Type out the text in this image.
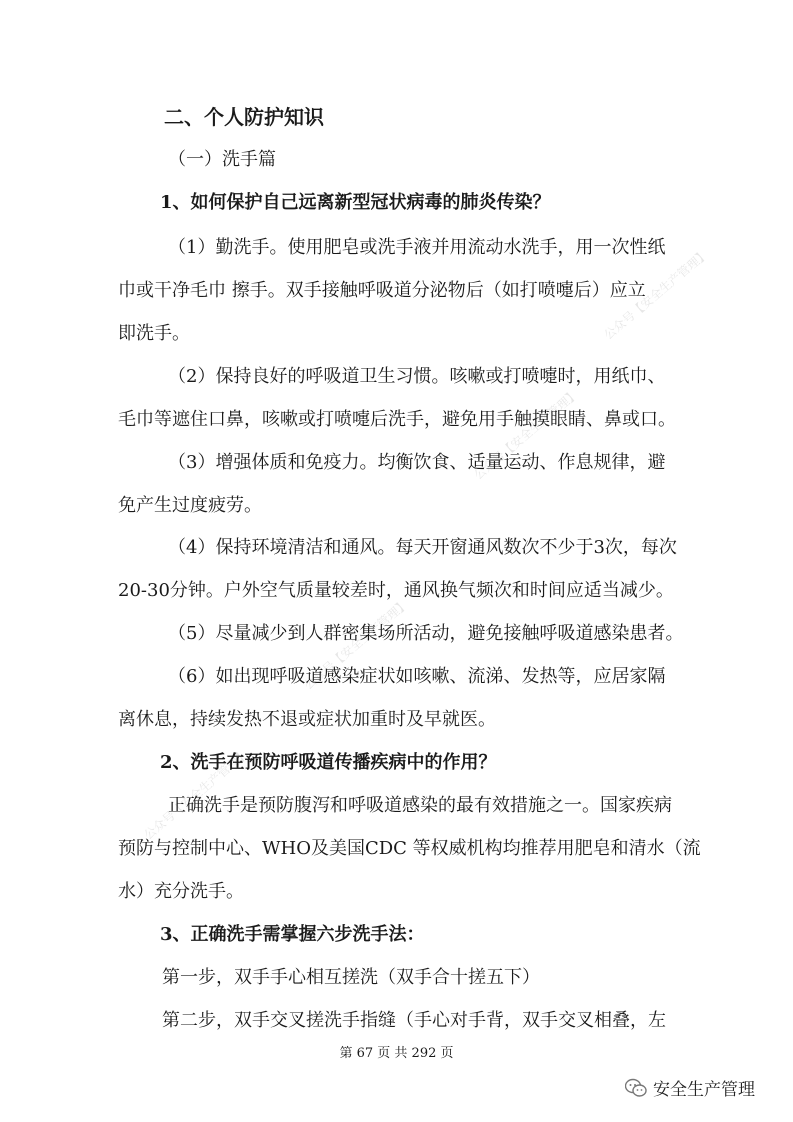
公众号【安全生产管理】
公众号【安全生产管理】
公众号【安全生产管理】
公众号【安全生产管理】
二、个人防护知识
（一）洗手篇
1、如何保护自己远离新型冠状病毒的肺炎传染？
（1）勤洗手。使用肥皂或洗手液并用流动水洗手，用一次性纸
巾或干净毛巾 擦手。双手接触呼吸道分泌物后（如打喷嚏后）应立
即洗手。
（2）保持良好的呼吸道卫生习惯。咳嗽或打喷嚏时，用纸巾、
毛巾等遮住口鼻，咳嗽或打喷嚏后洗手，避免用手触摸眼睛、鼻或口。
（3）增强体质和免疫力。均衡饮食、适量运动、作息规律，避
免产生过度疲劳。
（4）保持环境清洁和通风。每天开窗通风数次不少于3次，每次
20-30分钟。户外空气质量较差时，通风换气频次和时间应适当减少。
（5）尽量减少到人群密集场所活动，避免接触呼吸道感染患者。
（6）如出现呼吸道感染症状如咳嗽、流涕、发热等，应居家隔
离休息，持续发热不退或症状加重时及早就医。
2、洗手在预防呼吸道传播疾病中的作用？
正确洗手是预防腹泻和呼吸道感染的最有效措施之一。国家疾病
预防与控制中心、WHO及美国CDC 等权威机构均推荐用肥皂和清水（流
水）充分洗手。
3、正确洗手需掌握六步洗手法：
第一步，双手手心相互搓洗（双手合十搓五下）
第二步，双手交叉搓洗手指缝（手心对手背，双手交叉相叠，左
第 67 页 共 292 页
安全生产管理
